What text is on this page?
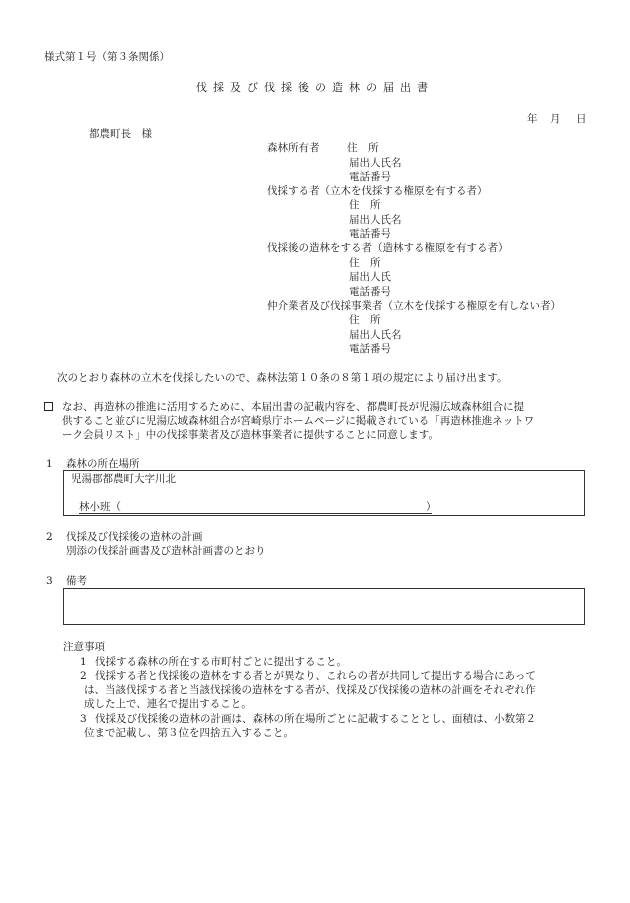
様式第１号（第３条関係）
伐採及び伐採後の造林の届出書
年 月 日
都農町長　様
森林所有者	住　所
届出人氏名
電話番号
伐採する者（立木を伐採する権原を有する者）
住　所
届出人氏名
電話番号
伐採後の造林をする者（造林する権原を有する者）
住　所
届出人氏
電話番号
仲介業者及び伐採事業者（立木を伐採する権原を有しない者）
住　所
届出人氏名
電話番号
次のとおり森林の立木を伐採したいので、森林法第１０条の８第１項の規定により届け出ます。
なお、再造林の推進に活用するために、本届出書の記載内容を、都農町長が児湯広域森林組合に提
供すること並びに児湯広域森林組合が宮崎県庁ホームページに掲載されている「再造林推進ネットワ
ーク会員リスト」中の伐採事業者及び造林事業者に提供することに同意します。
1 森林の所在場所
児湯郡都農町大字川北
林小班（	）
2 伐採及び伐採後の造林の計画
別添の伐採計画書及び造林計画書のとおり
3 備考
注意事項
1 伐採する森林の所在する市町村ごとに提出すること。
2 伐採する者と伐採後の造林をする者とが異なり、これらの者が共同して提出する場合にあって
は、当該伐採する者と当該伐採後の造林をする者が、伐採及び伐採後の造林の計画をそれぞれ作
成した上で、連名で提出すること。
3 伐採及び伐採後の造林の計画は、森林の所在場所ごとに記載することとし、面積は、小数第２
位まで記載し、第３位を四捨五入すること。
